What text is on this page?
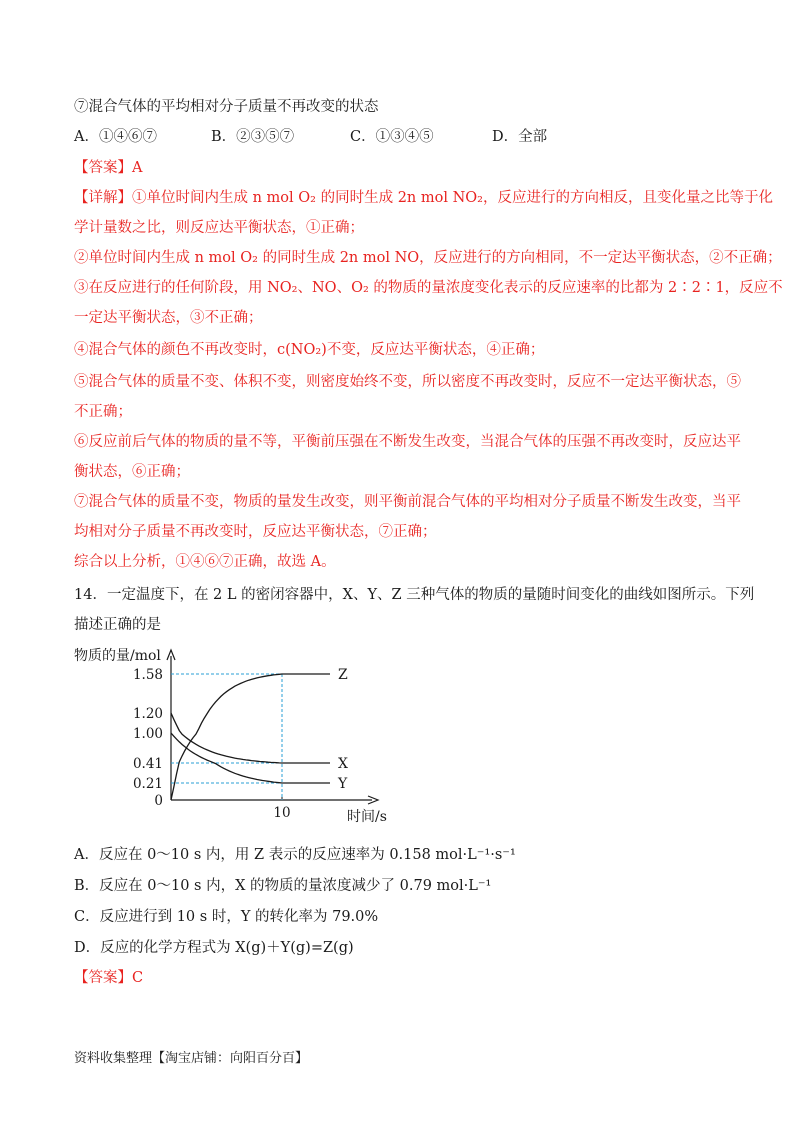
⑦混合气体的平均相对分子质量不再改变的状态
A．①④⑥⑦	B．②③⑤⑦	C．①③④⑤	D．全部
【答案】A
【详解】①单位时间内生成 n mol O₂ 的同时生成 2n mol NO₂，反应进行的方向相反，且变化量之比等于化
学计量数之比，则反应达平衡状态，①正确；
②单位时间内生成 n mol O₂ 的同时生成 2n mol NO，反应进行的方向相同，不一定达平衡状态，②不正确；
③在反应进行的任何阶段，用 NO₂、NO、O₂ 的物质的量浓度变化表示的反应速率的比都为 2∶2∶1，反应不
一定达平衡状态，③不正确；
④混合气体的颜色不再改变时，c(NO₂)不变，反应达平衡状态，④正确；
⑤混合气体的质量不变、体积不变，则密度始终不变，所以密度不再改变时，反应不一定达平衡状态，⑤
不正确；
⑥反应前后气体的物质的量不等，平衡前压强在不断发生改变，当混合气体的压强不再改变时，反应达平
衡状态，⑥正确；
⑦混合气体的质量不变，物质的量发生改变，则平衡前混合气体的平均相对分子质量不断发生改变，当平
均相对分子质量不再改变时，反应达平衡状态，⑦正确；
综合以上分析，①④⑥⑦正确，故选 A。
14．一定温度下，在 2 L 的密闭容器中，X、Y、Z 三种气体的物质的量随时间变化的曲线如图所示。下列
描述正确的是
物质的量/mol
时间/s
0
0.21
0.41
1.00
1.20
1.58
10
Z
X
Y
A．反应在 0～10 s 内，用 Z 表示的反应速率为 0.158 mol·L⁻¹·s⁻¹
B．反应在 0～10 s 内，X 的物质的量浓度减少了 0.79 mol·L⁻¹
C．反应进行到 10 s 时，Y 的转化率为 79.0%
D．反应的化学方程式为 X(g)＋Y(g)=Z(g)
【答案】C
资料收集整理【淘宝店铺：向阳百分百】
